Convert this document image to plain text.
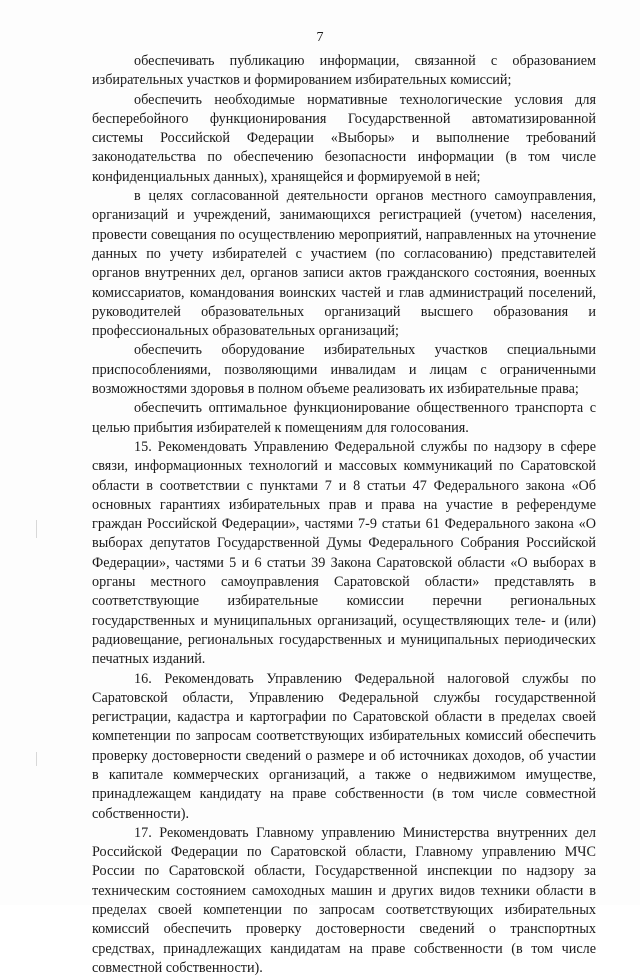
7

обеспечивать публикацию информации, связанной с образованием избирательных участков и формированием избирательных комиссий;

обеспечить необходимые нормативные технологические условия для бесперебойного функционирования Государственной автоматизированной системы Российской Федерации «Выборы» и выполнение требований законодательства по обеспечению безопасности информации (в том числе конфиденциальных данных), хранящейся и формируемой в ней;

в целях согласованной деятельности органов местного самоуправления, организаций и учреждений, занимающихся регистрацией (учетом) населения, провести совещания по осуществлению мероприятий, направленных на уточнение данных по учету избирателей с участием (по согласованию) представителей органов внутренних дел, органов записи актов гражданского состояния, военных комиссариатов, командования воинских частей и глав администраций поселений, руководителей образовательных организаций высшего образования и профессиональных образовательных организаций;

обеспечить оборудование избирательных участков специальными приспособлениями, позволяющими инвалидам и лицам с ограниченными возможностями здоровья в полном объеме реализовать их избирательные права;

обеспечить оптимальное функционирование общественного транспорта с целью прибытия избирателей к помещениям для голосования.

15. Рекомендовать Управлению Федеральной службы по надзору в сфере связи, информационных технологий и массовых коммуникаций по Саратовской области в соответствии с пунктами 7 и 8 статьи 47 Федерального закона «Об основных гарантиях избирательных прав и права на участие в референдуме граждан Российской Федерации», частями 7-9 статьи 61 Федерального закона «О выборах депутатов Государственной Думы Федерального Собрания Российской Федерации», частями 5 и 6 статьи 39 Закона Саратовской области «О выборах в органы местного самоуправления Саратовской области» представлять в соответствующие избирательные комиссии перечни региональных государственных и муниципальных организаций, осуществляющих теле- и (или) радиовещание, региональных государственных и муниципальных периодических печатных изданий.

16. Рекомендовать Управлению Федеральной налоговой службы по Саратовской области, Управлению Федеральной службы государственной регистрации, кадастра и картографии по Саратовской области в пределах своей компетенции по запросам соответствующих избирательных комиссий обеспечить проверку достоверности сведений о размере и об источниках доходов, об участии в капитале коммерческих организаций, а также о недвижимом имуществе, принадлежащем кандидату на праве собственности (в том числе совместной собственности).

17. Рекомендовать Главному управлению Министерства внутренних дел Российской Федерации по Саратовской области, Главному управлению МЧС России по Саратовской области, Государственной инспекции по надзору за техническим состоянием самоходных машин и других видов техники области в пределах своей компетенции по запросам соответствующих избирательных комиссий обеспечить проверку достоверности сведений о транспортных средствах, принадлежащих кандидатам на праве собственности (в том числе совместной собственности).
